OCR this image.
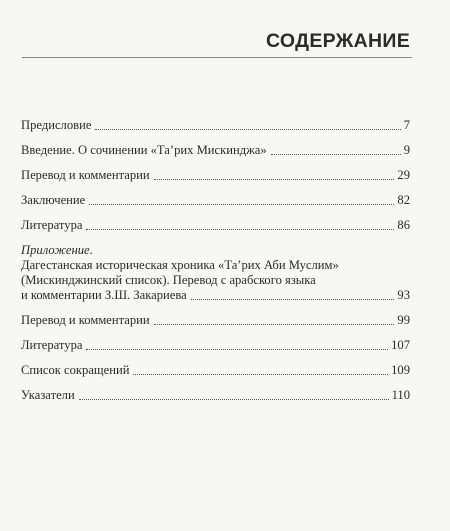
СОДЕРЖАНИЕ
Предисловие	7
Введение. О сочинении «Та’рих Мискинджа»	9
Перевод и комментарии	29
Заключение	82
Литература	86
Приложение.
Дагестанская историческая хроника «Та’рих Аби Муслим»
(Мискинджинский список). Перевод с арабского языка
и комментарии З.Ш. Закариева	93
Перевод и комментарии	99
Литература	107
Список сокращений	109
Указатели	110
